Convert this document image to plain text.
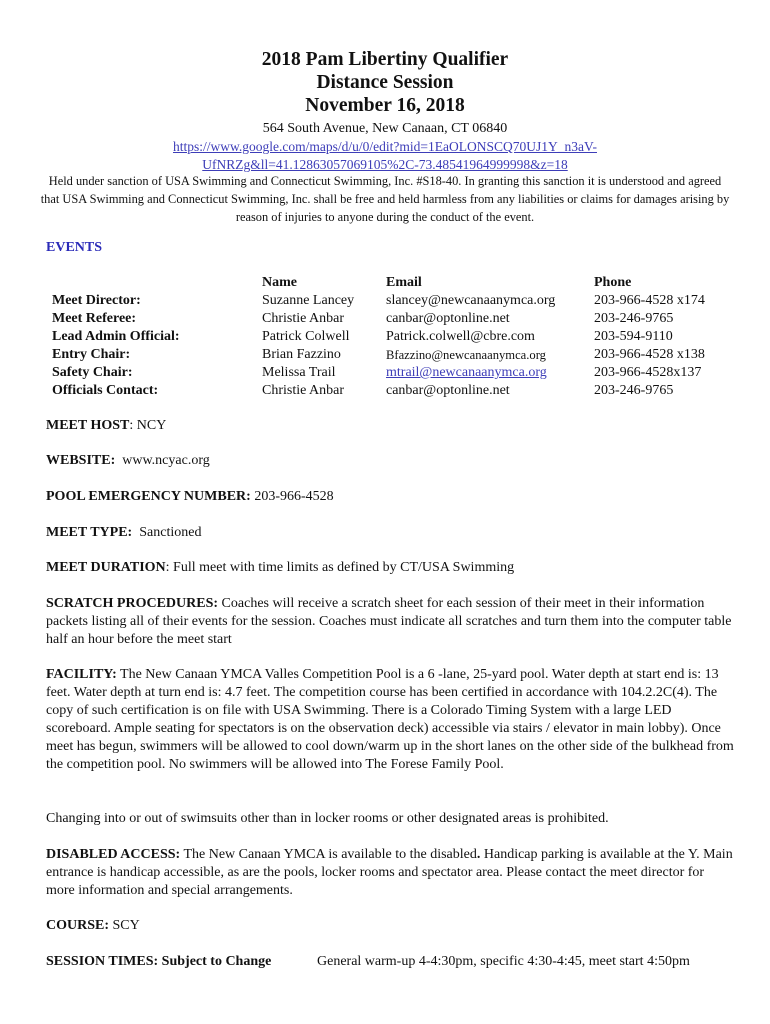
2018 Pam Libertiny Qualifier
Distance Session
November 16, 2018
564 South Avenue, New Canaan, CT 06840
https://www.google.com/maps/d/u/0/edit?mid=1EaOLONSCQ70UJ1Y_n3aV-
UfNRZg&ll=41.12863057069105%2C-73.48541964999998&z=18
Held under sanction of USA Swimming and Connecticut Swimming, Inc. #S18-40. In granting this sanction it is understood and agreed that USA Swimming and Connecticut Swimming, Inc. shall be free and held harmless from any liabilities or claims for damages arising by reason of injuries to anyone during the conduct of the event.
EVENTS
Meet Director:
Meet Referee:
Lead Admin Official:
Entry Chair:
Safety Chair:
Officials Contact:
Name
Suzanne Lancey
Christie Anbar
Patrick Colwell
Brian Fazzino
Melissa Trail
Christie Anbar
Email
slancey@newcanaanymca.org
canbar@optonline.net
Patrick.colwell@cbre.com
Bfazzino@newcanaanymca.org
mtrail@newcanaanymca.org
canbar@optonline.net
Phone
203-966-4528 x174
203-246-9765
203-594-9110
203-966-4528 x138
203-966-4528x137
203-246-9765
MEET HOST: NCY
WEBSITE:  www.ncyac.org
POOL EMERGENCY NUMBER: 203-966-4528
MEET TYPE:  Sanctioned
MEET DURATION: Full meet with time limits as defined by CT/USA Swimming
SCRATCH PROCEDURES: Coaches will receive a scratch sheet for each session of their meet in their information packets listing all of their events for the session. Coaches must indicate all scratches and turn them into the computer table half an hour before the meet start
FACILITY: The New Canaan YMCA Valles Competition Pool is a 6 -lane, 25-yard pool. Water depth at start end is: 13 feet. Water depth at turn end is: 4.7 feet. The competition course has been certified in accordance with 104.2.2C(4). The copy of such certification is on file with USA Swimming. There is a Colorado Timing System with a large LED scoreboard. Ample seating for spectators is on the observation deck) accessible via stairs / elevator in main lobby). Once meet has begun, swimmers will be allowed to cool down/warm up in the short lanes on the other side of the bulkhead from the competition pool. No swimmers will be allowed into The Forese Family Pool.
Changing into or out of swimsuits other than in locker rooms or other designated areas is prohibited.
DISABLED ACCESS: The New Canaan YMCA is available to the disabled. Handicap parking is available at the Y. Main entrance is handicap accessible, as are the pools, locker rooms and spectator area. Please contact the meet director for more information and special arrangements.
COURSE: SCY
SESSION TIMES: Subject to Change	General warm-up 4-4:30pm, specific 4:30-4:45, meet start 4:50pm
